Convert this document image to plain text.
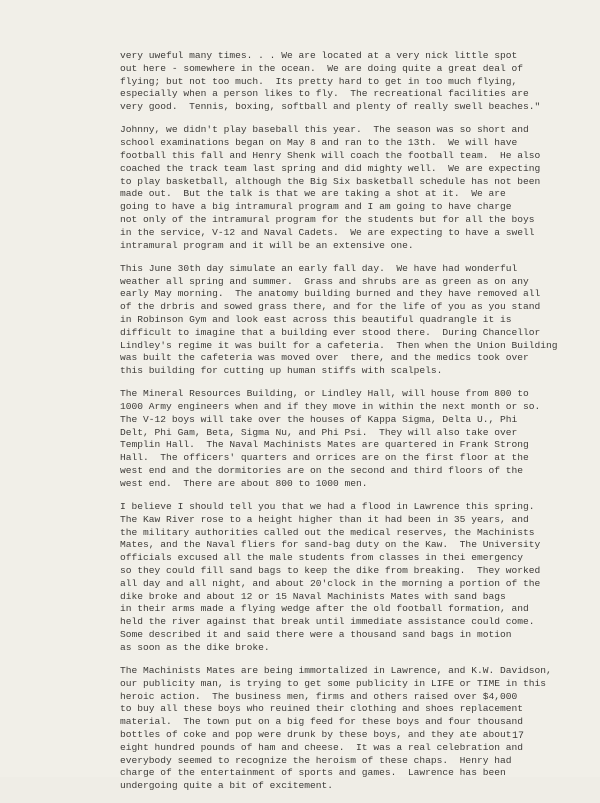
very uweful many times. . . We are located at a very nick little spot
out here - somewhere in the ocean.  We are doing quite a great deal of
flying; but not too much.  Its pretty hard to get in too much flying,
especially when a person likes to fly.  The recreational facilities are
very good.  Tennis, boxing, softball and plenty of really swell beaches."
Johnny, we didn't play baseball this year.  The season was so short and
school examinations began on May 8 and ran to the 13th.  We will have
football this fall and Henry Shenk will coach the football team.  He also
coached the track team last spring and did mighty well.  We are expecting
to play basketball, although the Big Six basketball schedule has not been
made out.  But the talk is that we are taking a shot at it.  We are
going to have a big intramural program and I am going to have charge
not only of the intramural program for the students but for all the boys
in the service, V-12 and Naval Cadets.  We are expecting to have a swell
intramural program and it will be an extensive one.
This June 30th day simulate an early fall day.  We have had wonderful
weather all spring and summer.  Grass and shrubs are as green as on any
early May morning.  The anatomy building burned and they have removed all
of the drbris and sowed grass there, and for the life of you as you stand
in Robinson Gym and look east across this beautiful quadrangle it is
difficult to imagine that a building ever stood there.  During Chancellor
Lindley's regime it was built for a cafeteria.  Then when the Union Building
was built the cafeteria was moved over  there, and the medics took over
this building for cutting up human stiffs with scalpels.
The Mineral Resources Building, or Lindley Hall, will house from 800 to
1000 Army engineers when and if they move in within the next month or so.
The V-12 boys will take over the houses of Kappa Sigma, Delta U., Phi
Delt, Phi Gam, Beta, Sigma Nu, and Phi Psi.  They will also take over
Templin Hall.  The Naval Machinists Mates are quartered in Frank Strong
Hall.  The officers' quarters and orrices are on the first floor at the
west end and the dormitories are on the second and third floors of the
west end.  There are about 800 to 1000 men.
I believe I should tell you that we had a flood in Lawrence this spring.
The Kaw River rose to a height higher than it had been in 35 years, and
the military authorities called out the medical reserves, the Machinists
Mates, and the Naval fliers for sand-bag duty on the Kaw.  The University
officials excused all the male students from classes in thei emergency
so they could fill sand bags to keep the dike from breaking.  They worked
all day and all night, and about 20'clock in the morning a portion of the
dike broke and about 12 or 15 Naval Machinists Mates with sand bags
in their arms made a flying wedge after the old football formation, and
held the river against that break until immediate assistance could come.
Some described it and said there were a thousand sand bags in motion
as soon as the dike broke.
The Machinists Mates are being immortalized in Lawrence, and K.W. Davidson,
our publicity man, is trying to get some publicity in LIFE or TIME in this
heroic action.  The business men, firms and others raised over $4,000
to buy all these boys who reuined their clothing and shoes replacement
material.  The town put on a big feed for these boys and four thousand
bottles of coke and pop were drunk by these boys, and they ate about
eight hundred pounds of ham and cheese.  It was a real celebration and
everybody seemed to recognize the heroism of these chaps.  Henry had
charge of the entertainment of sports and games.  Lawrence has been
undergoing quite a bit of excitement.
17
